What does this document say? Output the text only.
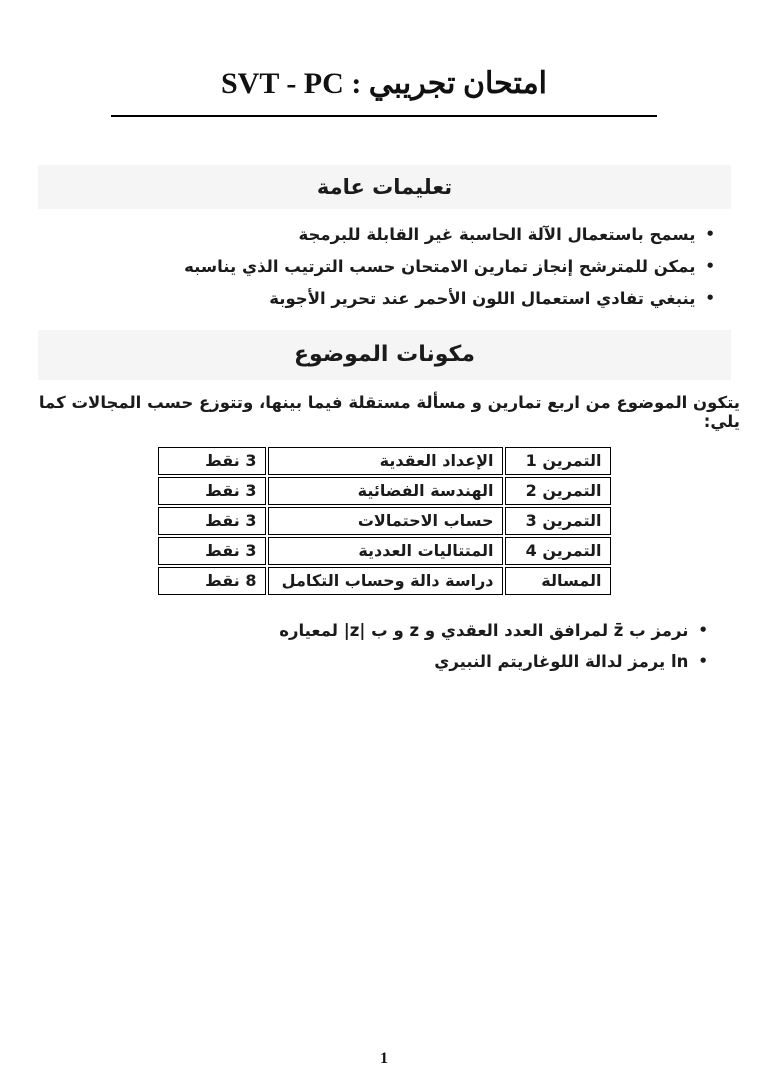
امتحان تجريبي : SVT - PC
تعليمات عامة
•
يسمح باستعمال الآلة الحاسبة غير القابلة للبرمجة
•
يمكن للمترشح إنجاز تمارين الامتحان حسب الترتيب الذي يناسبه
•
ينبغي تفادي استعمال اللون الأحمر عند تحرير الأجوبة
مكونات الموضوع

يتكون الموضوع من اربع تمارين و مسألة مستقلة فيما بينها، وتتوزع حسب المجالات كما يلي:

التمرين 1	الإعداد العقدية	3 نقط
التمرين 2	الهندسة الفضائية	3 نقط
التمرين 3	حساب الاحتمالات	3 نقط
التمرين 4	المتتاليات العددية	3 نقط
المسالة	دراسة دالة وحساب التكامل	8 نقط
•
نرمز ب z̄ لمرافق العدد العقدي و z و ب |z| لمعياره
•
ln يرمز لدالة اللوغاريتم النبيري
1
